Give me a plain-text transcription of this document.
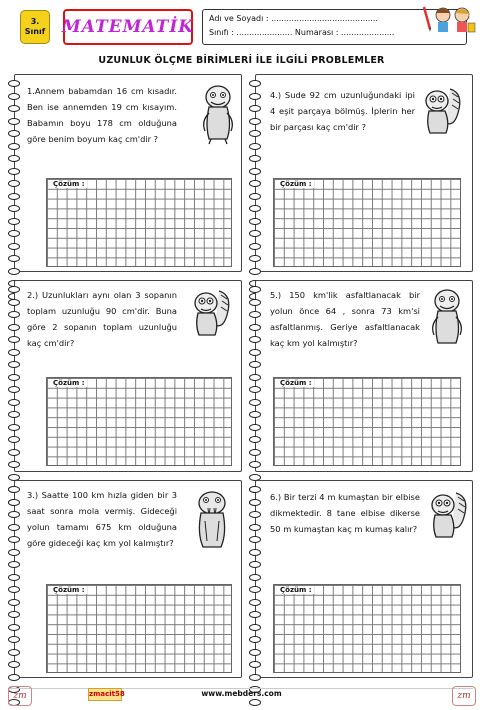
3.
Sınıf MATEMATİK Adı ve Soyadı : ..........................................
Sınıfı : ...................... Numarası : .....................
UZUNLUK ÖLÇME BİRİMLERİ İLE İLGİLİ PROBLEMLER
1.Annem babamdan 16 cm kısadır. Ben ise annemden 19 cm kısayım. Babamın boyu 178 cm olduğuna göre benim boyum kaç cm'dir ?
Çözüm :
2.) Uzunlukları aynı olan 3 sopanın toplam uzunluğu 90 cm'dir. Buna göre 2 sopanın toplam uzunluğu kaç cm'dir?
Çözüm :
3.) Saatte 100 km hızla giden bir 3 saat sonra mola vermiş. Gideceği yolun tamamı 675 km olduğuna göre gideceği kaç km yol kalmıştır?
Çözüm :
4.) Sude 92 cm uzunluğundaki ipi 4 eşit parçaya bölmüş. İplerin her bir parçası kaç cm'dir ?
Çözüm :
5.) 150 km'lik asfaltlanacak bir yolun önce 64 , sonra 73 km'si asfaltlanmış. Geriye asfaltlanacak kaç km yol kalmıştır?
Çözüm :
6.) Bir terzi 4 m kumaştan bir elbise dikmektedir. 8 tane elbise dikerse 50 m kumaştan kaç m kumaş kalır?
Çözüm :
zm	zmacit58	www.mebders.com	zm
